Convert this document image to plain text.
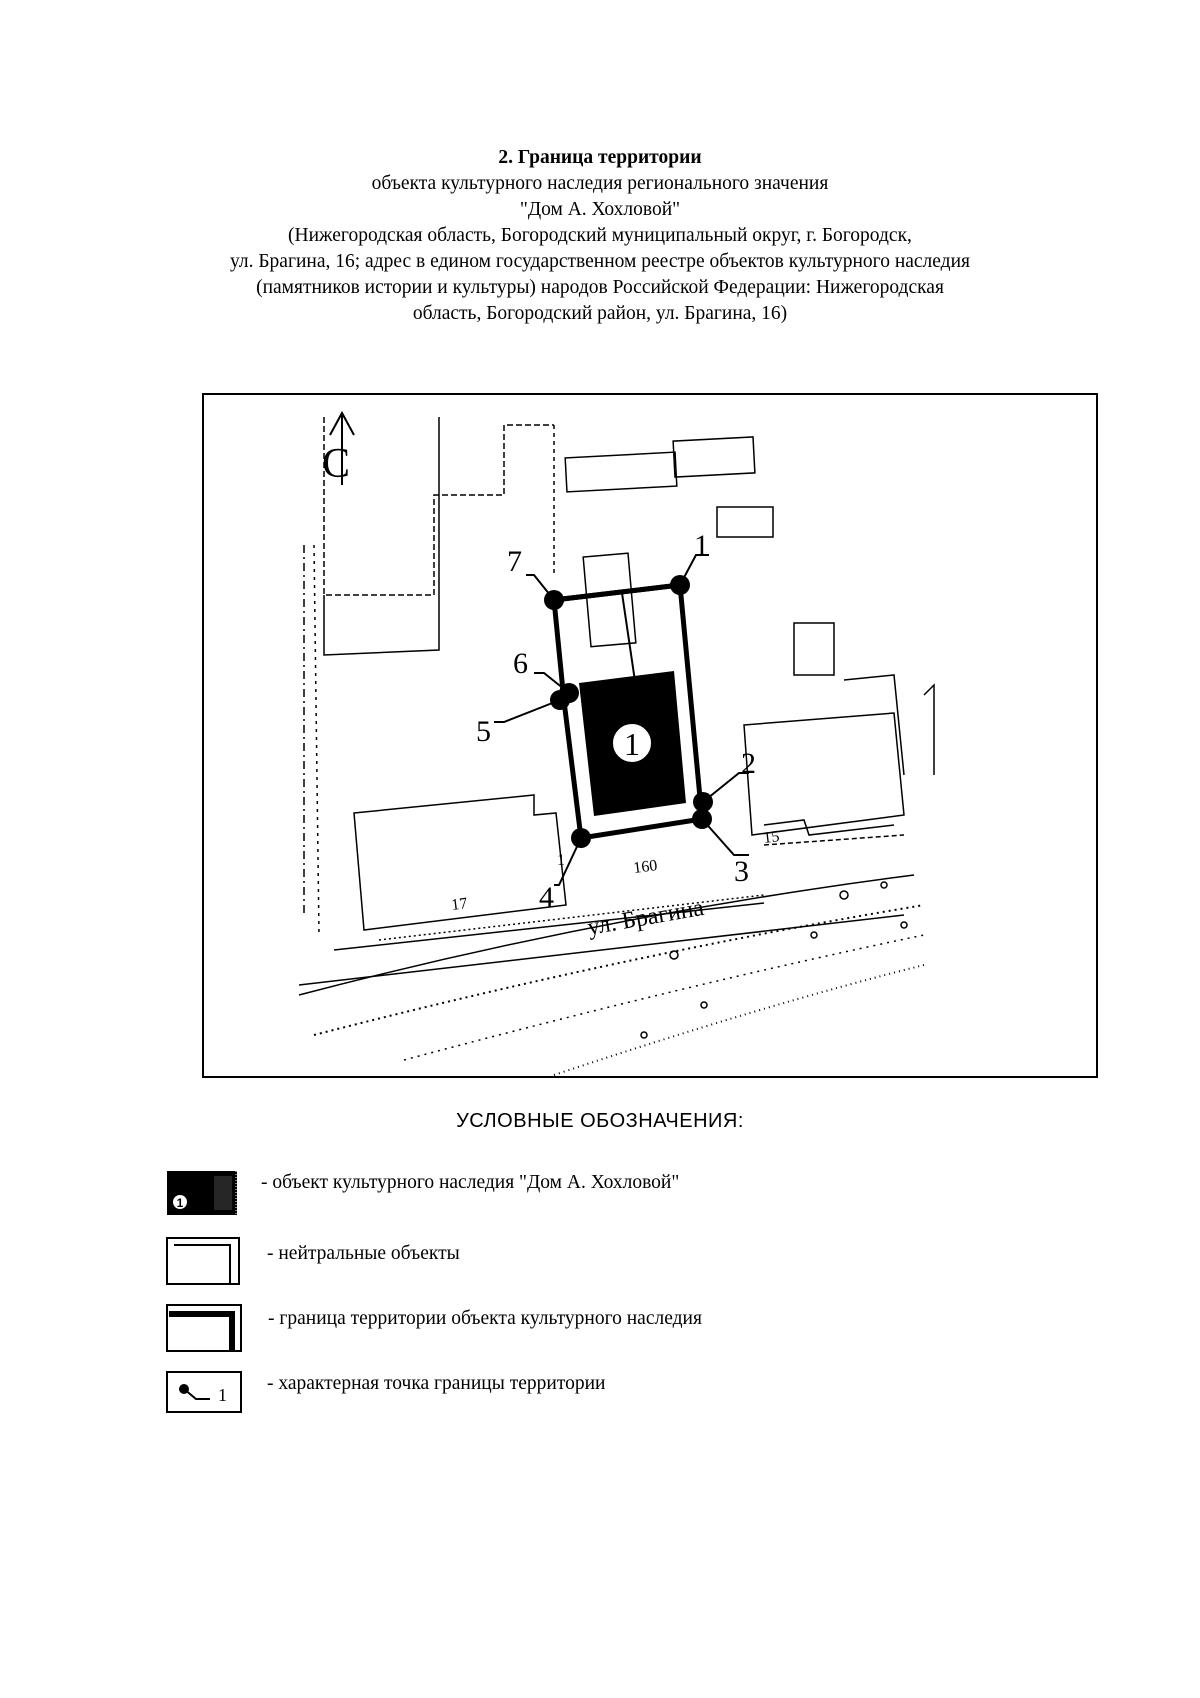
2. Граница территории
объекта культурного наследия регионального значения
"Дом А. Хохловой"
(Нижегородская область, Богородский муниципальный округ, г. Богородск,
ул. Брагина, 16; адрес в едином государственном реестре объектов культурного наследия
(памятников истории и культуры) народов Российской Федерации: Нижегородская
область, Богородский район, ул. Брагина, 16)
С
1
1
2
3
4
5
6
7
160
15
17
1
ул. Брагина
УСЛОВНЫЕ ОБОЗНАЧЕНИЯ:
1
- объект культурного наследия "Дом А. Хохловой"
- нейтральные объекты
- граница территории объекта культурного наследия
1
- характерная точка границы территории
